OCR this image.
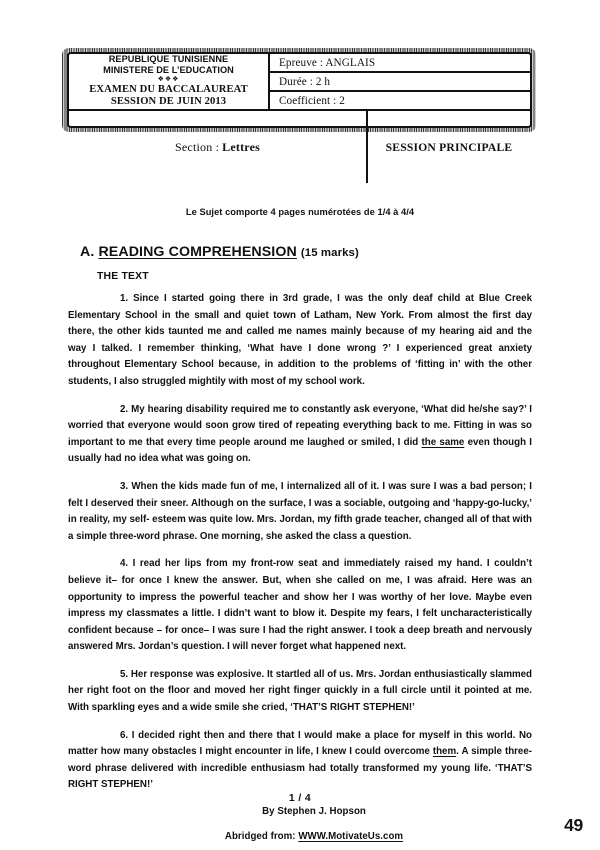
REPUBLIQUE TUNISIENNE
MINISTERE DE L’EDUCATION
❖❖❖
EXAMEN DU BACCALAUREAT
SESSION DE JUIN 2013
Epreuve : ANGLAIS
Durée : 2 h
Coefficient : 2
Section : Lettres	SESSION PRINCIPALE
Le Sujet comporte 4 pages numérotées de 1/4 à 4/4
A. READING COMPREHENSION (15 marks)
THE TEXT

1. Since I started going there in 3rd grade, I was the only deaf child at Blue Creek Elementary School in the small and quiet town of Latham, New York. From almost the first day there, the other kids taunted me and called me names mainly because of my hearing aid and the way I talked. I remember thinking, ‘What have I done wrong ?’ I experienced great anxiety throughout Elementary School because, in addition to the problems of ‘fitting in’ with the other students, I also struggled mightily with most of my school work.

2. My hearing disability required me to constantly ask everyone, ‘What did he/she say?’ I worried that everyone would soon grow tired of repeating everything back to me. Fitting in was so important to me that every time people around me laughed or smiled, I did the same even though I usually had no idea what was going on.

3. When the kids made fun of me, I internalized all of it. I was sure I was a bad person; I felt I deserved their sneer. Although on the surface, I was a sociable, outgoing and ‘happy-go-lucky,’ in reality, my self- esteem was quite low. Mrs. Jordan, my fifth grade teacher, changed all of that with a simple three-word phrase. One morning, she asked the class a question.

4. I read her lips from my front-row seat and immediately raised my hand. I couldn’t believe it– for once I knew the answer. But, when she called on me, I was afraid. Here was an opportunity to impress the powerful teacher and show her I was worthy of her love. Maybe even impress my classmates a little. I didn’t want to blow it. Despite my fears, I felt uncharacteristically confident because – for once– I was sure I had the right answer. I took a deep breath and nervously answered Mrs. Jordan’s question. I will never forget what happened next.

5. Her response was explosive. It startled all of us. Mrs. Jordan enthusiastically slammed her right foot on the floor and moved her right finger quickly in a full circle until it pointed at me. With sparkling eyes and a wide smile she cried, ‘THAT’S RIGHT STEPHEN!’

6. I decided right then and there that I would make a place for myself in this world. No matter how many obstacles I might encounter in life, I knew I could overcome them. A simple three-word phrase delivered with incredible enthusiasm had totally transformed my young life. ‘THAT’S RIGHT STEPHEN!’

By Stephen J. Hopson
Abridged from: WWW.MotivateUs.com
1 / 4
49
